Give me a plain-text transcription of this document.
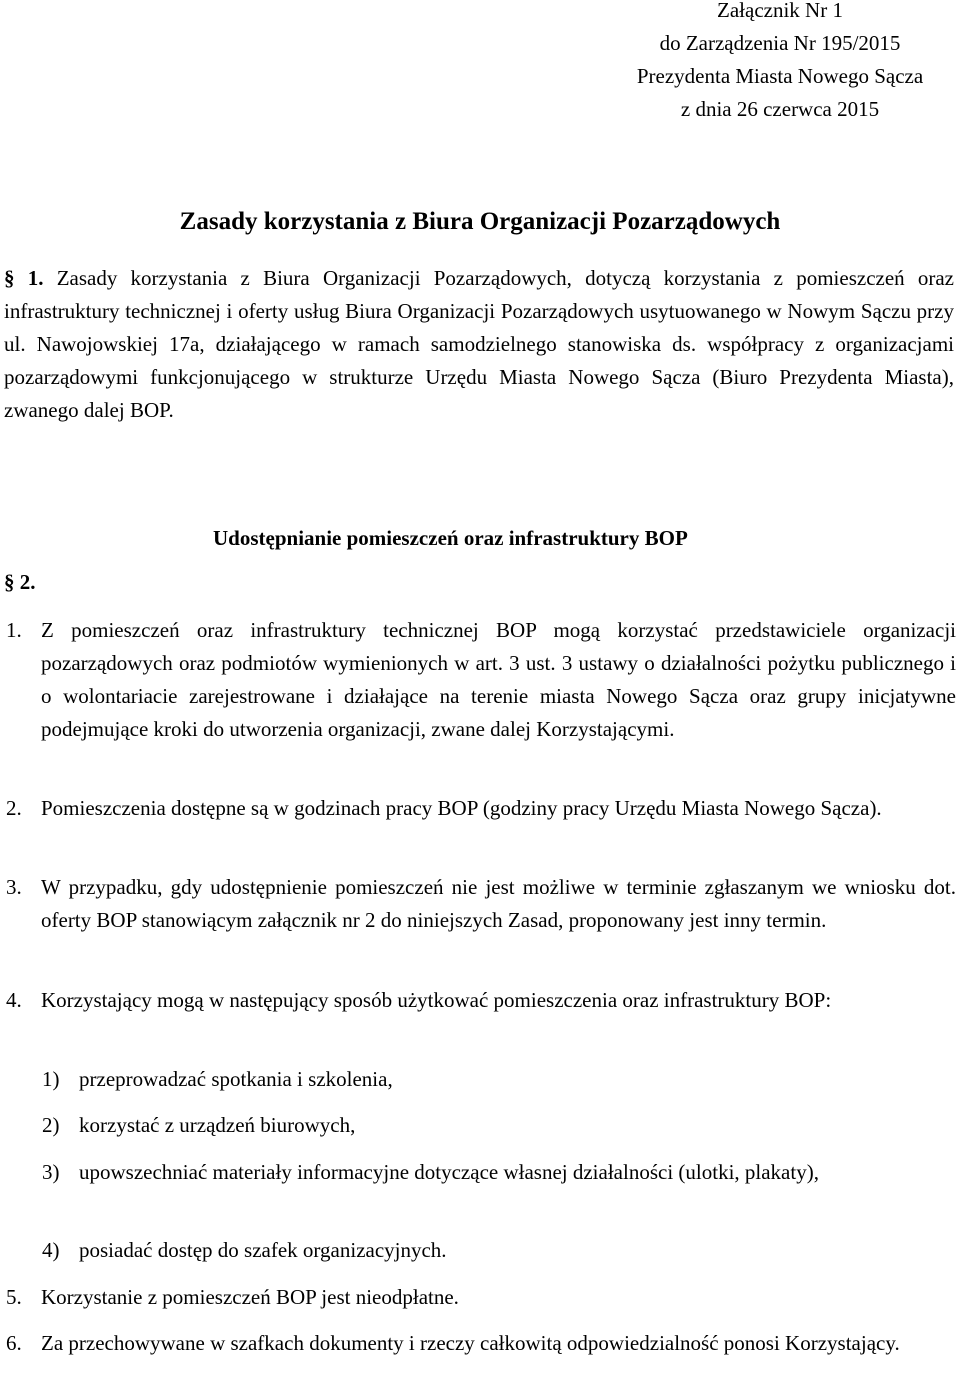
Załącznik Nr 1
do Zarządzenia Nr 195/2015
Prezydenta Miasta Nowego Sącza
z dnia 26 czerwca 2015
Zasady korzystania z Biura Organizacji Pozarządowych
§ 1. Zasady korzystania z Biura Organizacji Pozarządowych, dotyczą korzystania z pomieszczeń oraz infrastruktury technicznej i oferty usług Biura Organizacji Pozarządowych usytuowanego w Nowym Sączu przy ul. Nawojowskiej 17a, działającego w ramach samodzielnego stanowiska ds. współpracy z organizacjami pozarządowymi funkcjonującego w strukturze Urzędu Miasta Nowego Sącza (Biuro Prezydenta Miasta), zwanego dalej BOP.
Udostępnianie pomieszczeń oraz infrastruktury BOP
§ 2.
1. Z pomieszczeń oraz infrastruktury technicznej BOP mogą korzystać przedstawiciele organizacji pozarządowych oraz podmiotów wymienionych w art. 3 ust. 3 ustawy o działalności pożytku publicznego i o wolontariacie zarejestrowane i działające na terenie miasta Nowego Sącza oraz grupy inicjatywne podejmujące kroki do utworzenia organizacji, zwane dalej Korzystającymi.
2. Pomieszczenia dostępne są w godzinach pracy BOP (godziny pracy Urzędu Miasta Nowego Sącza).
3. W przypadku, gdy udostępnienie pomieszczeń nie jest możliwe w terminie zgłaszanym we wniosku dot. oferty BOP stanowiącym załącznik nr 2 do niniejszych Zasad, proponowany jest inny termin.
4. Korzystający mogą w następujący sposób użytkować pomieszczenia oraz infrastruktury BOP:
1) przeprowadzać spotkania i szkolenia,
2) korzystać z urządzeń biurowych,
3) upowszechniać materiały informacyjne dotyczące własnej działalności (ulotki, plakaty),
4) posiadać dostęp do szafek organizacyjnych.
5. Korzystanie z pomieszczeń BOP jest nieodpłatne.
6. Za przechowywane w szafkach dokumenty i rzeczy całkowitą odpowiedzialność ponosi Korzystający.
